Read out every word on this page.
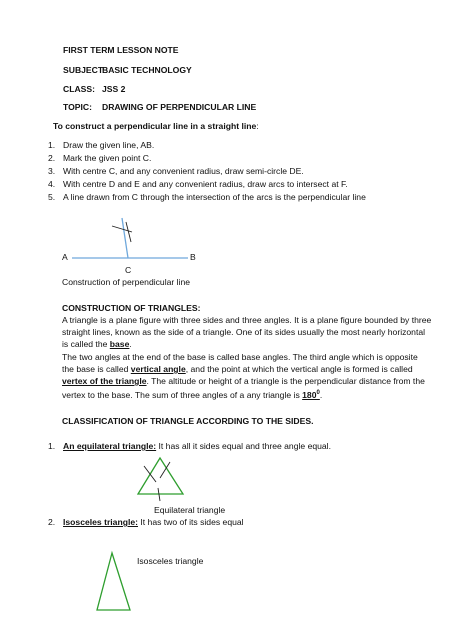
FIRST TERM LESSON NOTE
SUBJECT:
BASIC TECHNOLOGY
CLASS: JSS 2
TOPIC: DRAWING OF PERPENDICULAR LINE
To construct a perpendicular line in a straight line:
1. Draw the given line, AB.
2. Mark the given point C.
3. With centre C, and any convenient radius, draw semi-circle DE.
4. With centre D and E and any convenient radius, draw arcs to intersect at F.
5. A line drawn from C through the intersection of the arcs is the perpendicular line
A	B
C
Construction of perpendicular line
CONSTRUCTION OF TRIANGLES:
A triangle is a plane figure with three sides and three angles. It is a plane figure bounded by three straight lines, known as the side of a triangle. One of its sides usually the most nearly horizontal is called the base.
The two angles at the end of the base is called base angles. The third angle which is opposite the base is called vertical angle, and the point at which the vertical angle is formed is called vertex of the triangle. The altitude or height of a triangle is the perpendicular distance from the vertex to the base. The sum of three angles of a any triangle is $180^0$.
CLASSIFICATION OF TRIANGLE ACCORDING TO THE SIDES.
1. An equilateral triangle: It has all it sides equal and three angle equal.
Equilateral triangle
2. Isosceles triangle: It has two of its sides equal
Isosceles triangle
